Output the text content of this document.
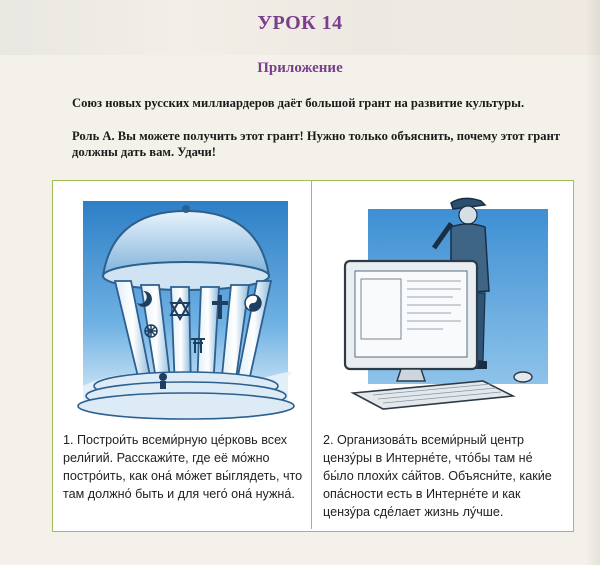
УРОК 14
Приложение
Союз новых русских миллиардеров даёт большой грант на развитие культуры.
Роль А. Вы можете получить этот грант! Нужно только объяснить, почему этот грант должны дать вам. Удачи!
1. Построи́ть всеми́рную це́рковь всех рели́гий. Расскажи́те, где её мо́жно постро́ить, как она́ мо́жет вы́глядеть, что там должно́ быть и для чего́ она́ нужна́.
2. Организова́ть всеми́рный центр цензу́ры в Интерне́те, что́бы там не́ бы́ло плохи́х са́йтов. Объясни́те, каки́е опа́сности есть в Интерне́те и как цензу́ра сде́лает жизнь лу́чше.
